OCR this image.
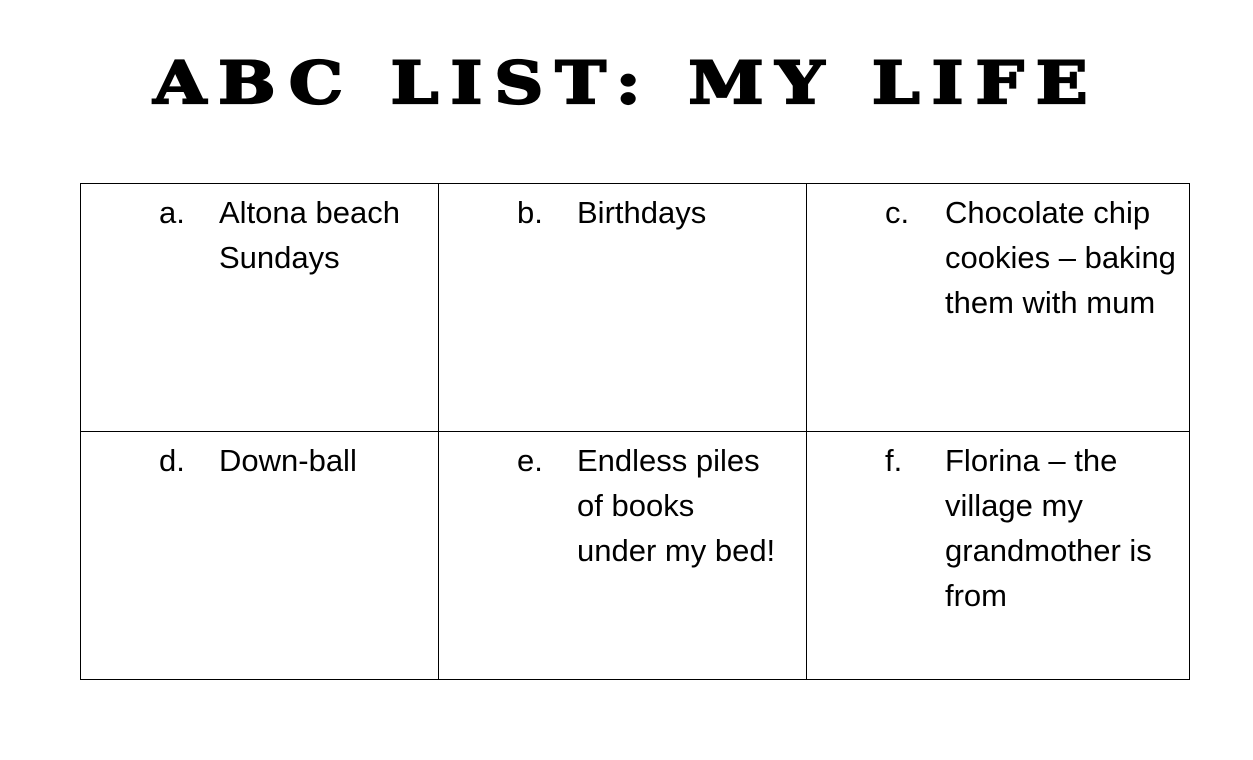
ABC LIST: MY LIFE
a. Altona beach Sundays	b. Birthdays	c. Chocolate chip cookies – baking them with mum

d. Down-ball	e. Endless piles of books under my bed!	f. Florina – the village my grandmother is from
